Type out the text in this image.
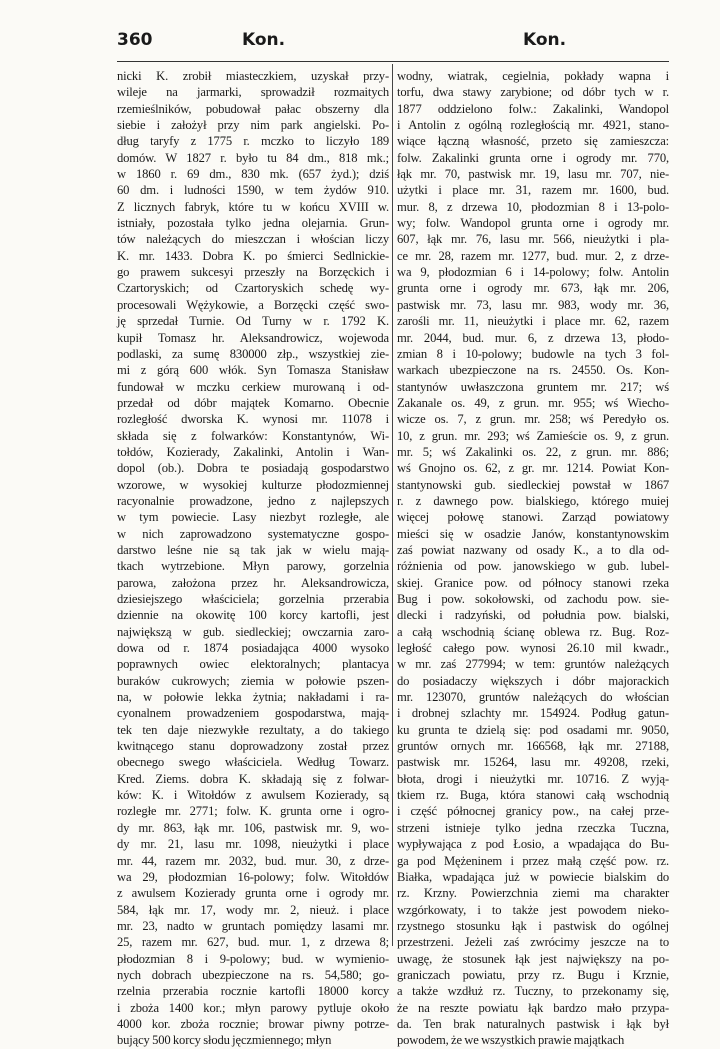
360	Kon.	Kon.
nicki K. zrobił miasteczkiem, uzyskał przy-
wileje na jarmarki, sprowadził rozmaitych
rzemieślników, pobudował pałac obszerny dla
siebie i założył przy nim park angielski. Po-
dług taryfy z 1775 r. mczko to liczyło 189
domów. W 1827 r. było tu 84 dm., 818 mk.;
w 1860 r. 69 dm., 830 mk. (657 żyd.); dziś
60 dm. i ludności 1590, w tem żydów 910.
Z licznych fabryk, które tu w końcu XVIII w.
istniały, pozostała tylko jedna olejarnia. Grun-
tów należących do mieszczan i włościan liczy
K. mr. 1433. Dobra K. po śmierci Sedlnickie-
go prawem sukcesyi przeszły na Borzęckich i
Czartoryskich; od Czartoryskich schedę wy-
procesowali Wężykowie, a Borzęcki część swo-
ję sprzedał Turnie. Od Turny w r. 1792 K.
kupił Tomasz hr. Aleksandrowicz, wojewoda
podlaski, za sumę 830000 złp., wszystkiej zie-
mi z górą 600 włók. Syn Tomasza Stanisław
fundował w mczku cerkiew murowaną i od-
przedał od dóbr majątek Komarno. Obecnie
rozległość dworska K. wynosi mr. 11078 i
składa się z folwarków: Konstantynów, Wi-
tołdów, Kozierady, Zakalinki, Antolin i Wan-
dopol (ob.). Dobra te posiadają gospodarstwo
wzorowe, w wysokiej kulturze płodozmiennej
racyonalnie prowadzone, jedno z najlepszych
w tym powiecie. Lasy niezbyt rozległe, ale
w nich zaprowadzono systematyczne gospo-
darstwo leśne nie są tak jak w wielu mają-
tkach wytrzebione. Młyn parowy, gorzelnia
parowa, założona przez hr. Aleksandrowicza,
dziesiejszego właściciela; gorzelnia przerabia
dziennie na okowitę 100 korcy kartofli, jest
największą w gub. siedleckiej; owczarnia zaro-
dowa od r. 1874 posiadająca 4000 wysoko
poprawnych owiec elektoralnych; plantacya
buraków cukrowych; ziemia w połowie pszen-
na, w połowie lekka żytnia; nakładami i ra-
cyonalnem prowadzeniem gospodarstwa, mają-
tek ten daje niezwykłe rezultaty, a do takiego
kwitnącego stanu doprowadzony został przez
obecnego swego właściciela. Według Towarz.
Kred. Ziems. dobra K. składają się z folwar-
ków: K. i Witołdów z awulsem Kozierady, są
rozległe mr. 2771; folw. K. grunta orne i ogro-
dy mr. 863, łąk mr. 106, pastwisk mr. 9, wo-
dy mr. 21, lasu mr. 1098, nieużytki i place
mr. 44, razem mr. 2032, bud. mur. 30, z drze-
wa 29, płodozmian 16-polowy; folw. Witołdów
z awulsem Kozierady grunta orne i ogrody mr.
584, łąk mr. 17, wody mr. 2, nieuż. i place
mr. 23, nadto w gruntach pomiędzy lasami mr.
25, razem mr. 627, bud. mur. 1, z drzewa 8;
płodozmian 8 i 9-polowy; bud. w wymienio-
nych dobrach ubezpieczone na rs. 54,580; go-
rzelnia przerabia rocznie kartofli 18000 korcy
i zboża 1400 kor.; młyn parowy pytluje około
4000 kor. zboża rocznie; browar piwny potrze-
bujący 500 korcy słodu jęczmiennego; młyn
wodny, wiatrak, cegielnia, pokłady wapna i
torfu, dwa stawy zarybione; od dóbr tych w r.
1877 oddzielono folw.: Zakalinki, Wandopol
i Antolin z ogólną rozległością mr. 4921, stano-
wiące łączną własność, przeto się zamieszcza:
folw. Zakalinki grunta orne i ogrody mr. 770,
łąk mr. 70, pastwisk mr. 19, lasu mr. 707, nie-
użytki i place mr. 31, razem mr. 1600, bud.
mur. 8, z drzewa 10, płodozmian 8 i 13-polo-
wy; folw. Wandopol grunta orne i ogrody mr.
607, łąk mr. 76, lasu mr. 566, nieużytki i pla-
ce mr. 28, razem mr. 1277, bud. mur. 2, z drze-
wa 9, płodozmian 6 i 14-polowy; folw. Antolin
grunta orne i ogrody mr. 673, łąk mr. 206,
pastwisk mr. 73, lasu mr. 983, wody mr. 36,
zarośli mr. 11, nieużytki i place mr. 62, razem
mr. 2044, bud. mur. 6, z drzewa 13, płodo-
zmian 8 i 10-polowy; budowle na tych 3 fol-
warkach ubezpieczone na rs. 24550. Os. Kon-
stantynów uwłaszczona gruntem mr. 217; wś
Zakanale os. 49, z grun. mr. 955; wś Wiecho-
wicze os. 7, z grun. mr. 258; wś Peredyło os.
10, z grun. mr. 293; wś Zamieście os. 9, z grun.
mr. 5; wś Zakalinki os. 22, z grun. mr. 886;
wś Gnojno os. 62, z gr. mr. 1214. Powiat Kon-
stantynowski gub. siedleckiej powstał w 1867
r. z dawnego pow. bialskiego, którego muiej
więcej połowę stanowi. Zarząd powiatowy
mieści się w osadzie Janów, konstantynowskim
zaś powiat nazwany od osady K., a to dla od-
różnienia od pow. janowskiego w gub. lubel-
skiej. Granice pow. od północy stanowi rzeka
Bug i pow. sokołowski, od zachodu pow. sie-
dlecki i radzyński, od południa pow. bialski,
a całą wschodnią ścianę oblewa rz. Bug. Roz-
ległość całego pow. wynosi 26.10 mil kwadr.,
w mr. zaś 277994; w tem: gruntów należących
do posiadaczy większych i dóbr majorackich
mr. 123070, gruntów należących do włościan
i drobnej szlachty mr. 154924. Podług gatun-
ku grunta te dzielą się: pod osadami mr. 9050,
gruntów ornych mr. 166568, łąk mr. 27188,
pastwisk mr. 15264, lasu mr. 49208, rzeki,
błota, drogi i nieużytki mr. 10716. Z wyją-
tkiem rz. Buga, która stanowi całą wschodnią
i część północnej granicy pow., na całej prze-
strzeni istnieje tylko jedna rzeczka Tuczna,
wypływająca z pod Łosio, a wpadająca do Bu-
ga pod Mężeninem i przez małą część pow. rz.
Białka, wpadająca już w powiecie bialskim do
rz. Krzny. Powierzchnia ziemi ma charakter
wzgórkowaty, i to także jest powodem nieko-
rzystnego stosunku łąk i pastwisk do ogólnej
przestrzeni. Jeżeli zaś zwrócimy jeszcze na to
uwagę, że stosunek łąk jest największy na po-
graniczach powiatu, przy rz. Bugu i Krznie,
a także wzdłuż rz. Tuczny, to przekonamy się,
że na reszte powiatu łąk bardzo mało przypa-
da. Ten brak naturalnych pastwisk i łąk był
powodem, że we wszystkich prawie majątkach
